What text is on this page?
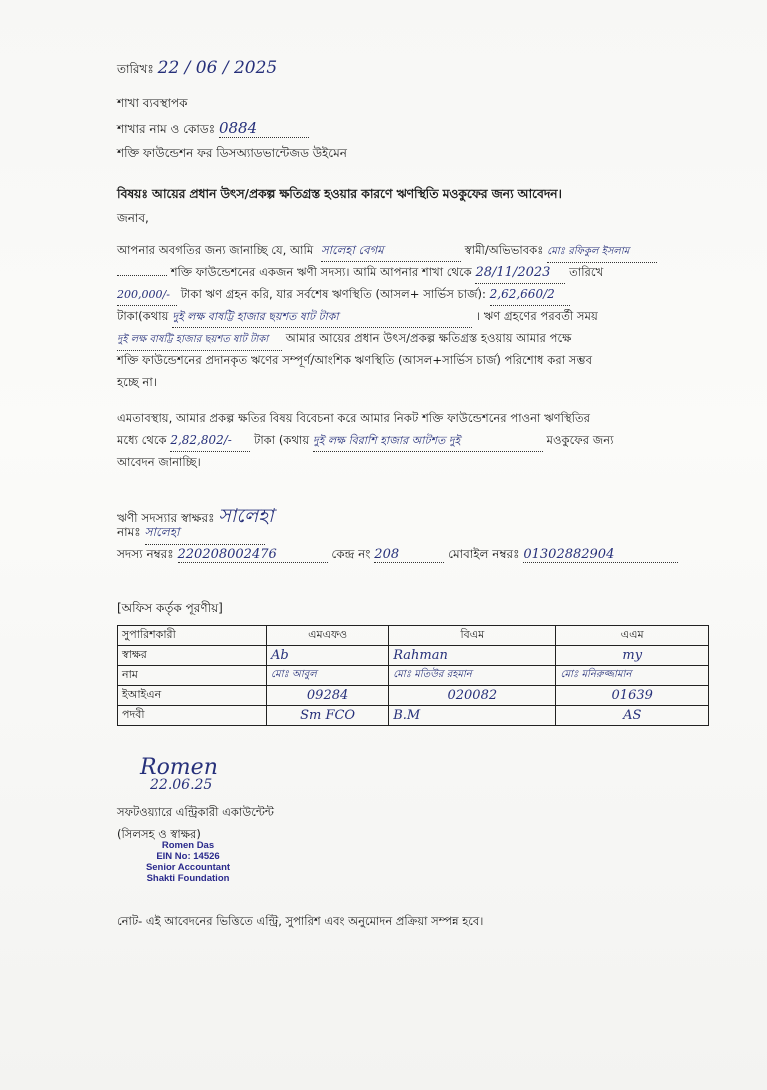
তারিখঃ 22 / 06 / 2025
শাখা ব্যবস্থাপক
শাখার নাম ও কোডঃ 0884
শক্তি ফাউন্ডেশন ফর ডিসঅ্যাডভান্টেজড উইমেন
বিষয়ঃ আয়ের প্রধান উৎস/প্রকল্প ক্ষতিগ্রস্ত হওয়ার কারণে ঋণস্থিতি মওকুফের জন্য আবেদন।
জনাব,
আপনার অবগতির জন্য জানাচ্ছি যে, আমি সালেহা বেগম	স্বামী/অভিভাবকঃ মোঃ রফিকুল ইসলাম
শক্তি ফাউন্ডেশনের একজন ঋণী সদস্য। আমি আপনার শাখা থেকে 28/11/2023 তারিখে
200,000/- টাকা ঋণ গ্রহন করি, যার সর্বশেষ ঋণস্থিতি (আসল+ সার্ভিস চার্জ): 2,62,660/2
টাকা(কথায় দুই লক্ষ বাষট্টি হাজার ছয়শত ষাট টাকা	। ঋণ গ্রহণের পরবর্তী সময়
দুই লক্ষ বাষট্টি হাজার ছয়শত ষাট টাকা আমার আয়ের প্রধান উৎস/প্রকল্প ক্ষতিগ্রস্ত হওয়ায় আমার পক্ষে
শক্তি ফাউন্ডেশনের প্রদানকৃত ঋণের সম্পূর্ণ/আংশিক ঋণস্থিতি (আসল+সার্ভিস চার্জ) পরিশোধ করা সম্ভব
হচ্ছে না।
এমতাবস্থায়, আমার প্রকল্প ক্ষতির বিষয় বিবেচনা করে আমার নিকট শক্তি ফাউন্ডেশনের পাওনা ঋণস্থিতির
মধ্যে থেকে 2,82,802/- টাকা (কথায় দুই লক্ষ বিরাশি হাজার আটশত দুই	মওকুফের জন্য
আবেদন জানাচ্ছি।
ঋণী সদস্যার স্বাক্ষরঃ সালেহা
নামঃ সালেহা
সদস্য নম্বরঃ 220208002476	কেন্দ্র নং 208	মোবাইল নম্বরঃ 01302882904
[অফিস কর্তৃক পূরণীয়]
সুপারিশকারী	এমএফও	বিএম	এএম
স্বাক্ষর	Ab	Rahman	my
নাম	মোঃ আবুল	মোঃ মতিউর রহমান	মোঃ মনিরুজ্জামান
ইআইএন	09284	020082	01639
পদবী	Sm FCO	B.M	AS
Romen
22.06.25
সফটওয়্যারে এন্ট্রিকারী একাউন্টেন্ট
(সিলসহ ও স্বাক্ষর)
Romen Das
EIN No: 14526
Senior Accountant
Shakti Foundation
নোট- এই আবেদনের ভিত্তিতে এন্ট্রি, সুপারিশ এবং অনুমোদন প্রক্রিয়া সম্পন্ন হবে।
